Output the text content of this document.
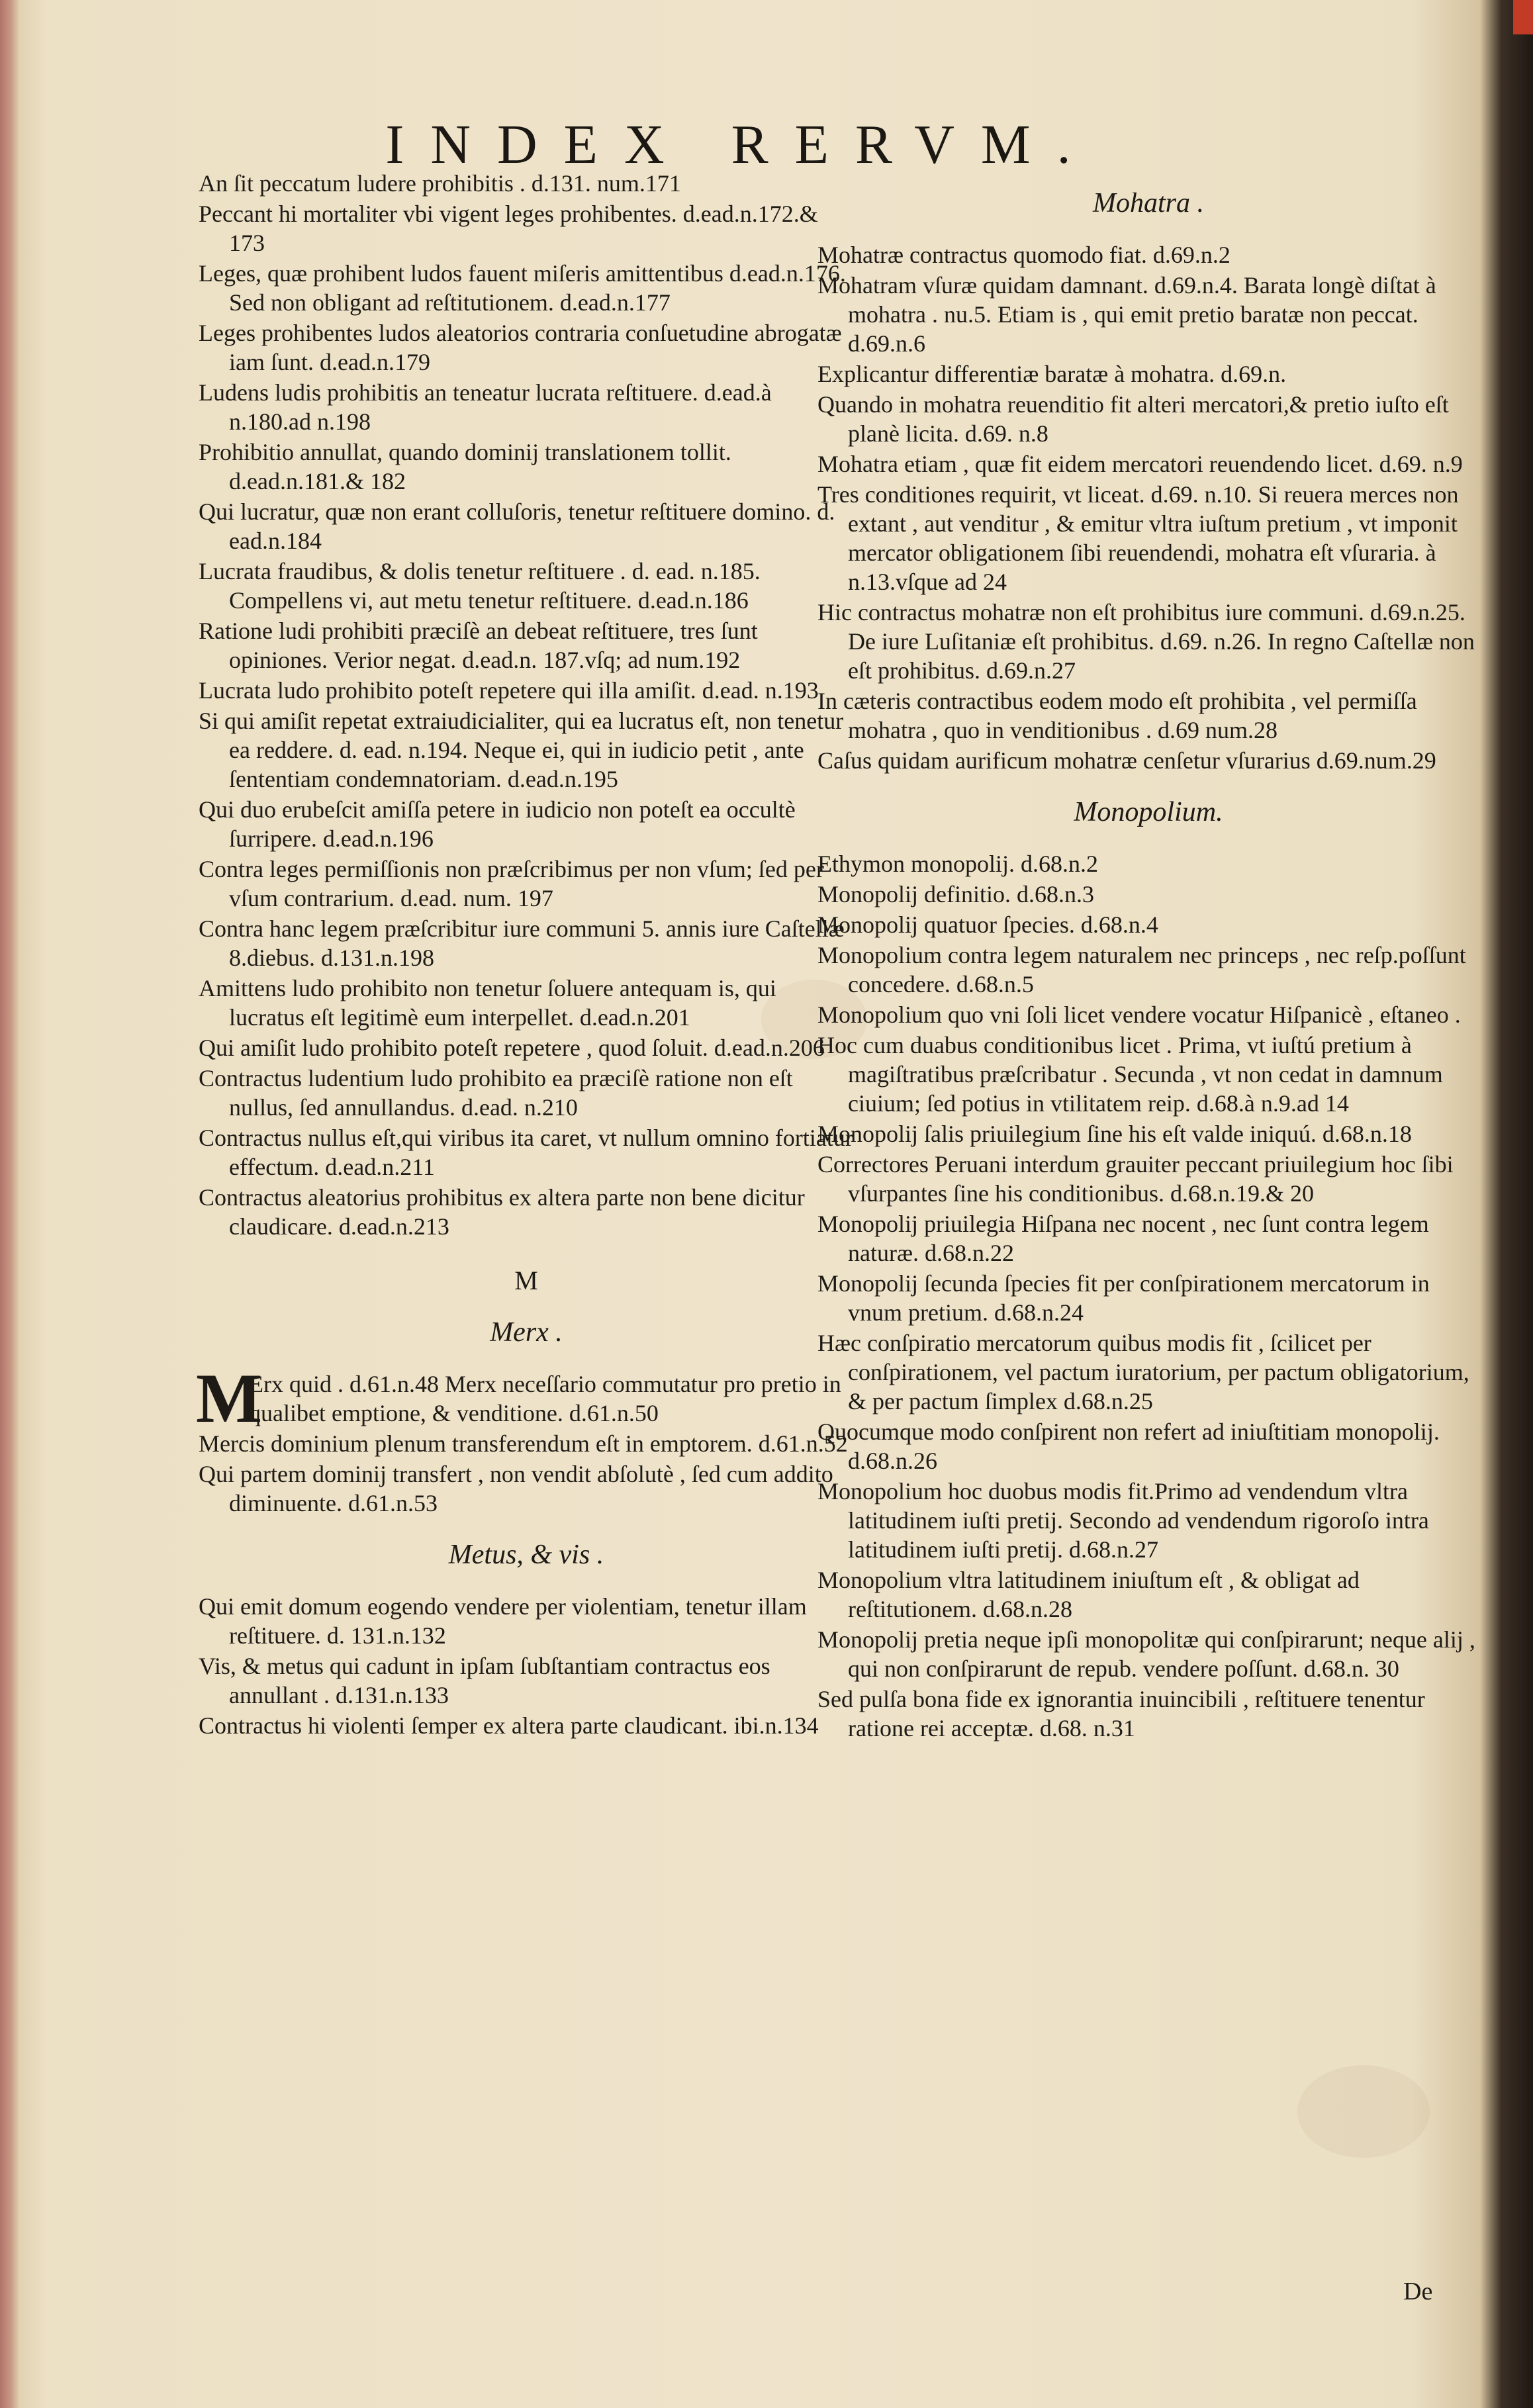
INDEX RERVM.
An ſit peccatum ludere prohibitis . d.131. num.171
Peccant hi mortaliter vbi vigent leges prohibentes. d.ead.n.172.& 173
Leges, quæ prohibent ludos fauent miſeris amittentibus d.ead.n.176. Sed non obligant ad reſtitutionem. d.ead.n.177
Leges prohibentes ludos aleatorios contraria conſuetudine abrogatæ iam ſunt. d.ead.n.179
Ludens ludis prohibitis an teneatur lucrata reſtituere. d.ead.à n.180.ad n.198
Prohibitio annullat, quando dominij translationem tollit. d.ead.n.181.& 182
Qui lucratur, quæ non erant colluſoris, tenetur reſtituere domino. d. ead.n.184
Lucrata fraudibus, & dolis tenetur reſtituere . d. ead. n.185. Compellens vi, aut metu tenetur reſtituere. d.ead.n.186
Ratione ludi prohibiti præciſè an debeat reſtituere, tres ſunt opiniones. Verior negat. d.ead.n. 187.vſq; ad num.192
Lucrata ludo prohibito poteſt repetere qui illa amiſit. d.ead. n.193
Si qui amiſit repetat extraiudicialiter, qui ea lucratus eſt, non tenetur ea reddere. d. ead. n.194. Neque ei, qui in iudicio petit , ante ſententiam condemnatoriam. d.ead.n.195
Qui duo erubeſcit amiſſa petere in iudicio non poteſt ea occultè ſurripere. d.ead.n.196
Contra leges permiſſionis non præſcribimus per non vſum; ſed per vſum contrarium. d.ead. num. 197
Contra hanc legem præſcribitur iure communi 5. annis iure Caſtellæ 8.diebus. d.131.n.198
Amittens ludo prohibito non tenetur ſoluere antequam is, qui lucratus eſt legitimè eum interpellet. d.ead.n.201
Qui amiſit ludo prohibito poteſt repetere , quod ſoluit. d.ead.n.206
Contractus ludentium ludo prohibito ea præciſè ratione non eſt nullus, ſed annullandus. d.ead. n.210
Contractus nullus eſt,qui viribus ita caret, vt nullum omnino fortiatur effectum. d.ead.n.211
Contractus aleatorius prohibitus ex altera parte non bene dicitur claudicare. d.ead.n.213
M
Merx .
M
Erx quid . d.61.n.48 Merx neceſſario commutatur pro pretio in qualibet emptione, & venditione. d.61.n.50
Mercis dominium plenum transferendum eſt in emptorem. d.61.n.52
Qui partem dominij transfert , non vendit abſolutè , ſed cum addito diminuente. d.61.n.53
Metus, & vis .
Qui emit domum eogendo vendere per violentiam, tenetur illam reſtituere. d. 131.n.132
Vis, & metus qui cadunt in ipſam ſubſtantiam contractus eos annullant . d.131.n.133
Contractus hi violenti ſemper ex altera parte claudicant. ibi.n.134
Mohatra .
Mohatræ contractus quomodo fiat. d.69.n.2
Mohatram vſuræ quidam damnant. d.69.n.4. Barata longè diſtat à mohatra . nu.5. Etiam is , qui emit pretio baratæ non peccat. d.69.n.6
Explicantur differentiæ baratæ à mohatra. d.69.n.
Quando in mohatra reuenditio fit alteri mercatori,& pretio iuſto eſt planè licita. d.69. n.8
Mohatra etiam , quæ fit eidem mercatori reuendendo licet. d.69. n.9
Tres conditiones requirit, vt liceat. d.69. n.10. Si reuera merces non extant , aut venditur , & emitur vltra iuſtum pretium , vt imponit mercator obligationem ſibi reuendendi, mohatra eſt vſuraria. à n.13.vſque ad 24
Hic contractus mohatræ non eſt prohibitus iure communi. d.69.n.25. De iure Luſitaniæ eſt prohibitus. d.69. n.26. In regno Caſtellæ non eſt prohibitus. d.69.n.27
In cæteris contractibus eodem modo eſt prohibita , vel permiſſa mohatra , quo in venditionibus . d.69 num.28
Caſus quidam aurificum mohatræ cenſetur vſurarius d.69.num.29
Monopolium.
Ethymon monopolij. d.68.n.2
Monopolij definitio. d.68.n.3
Monopolij quatuor ſpecies. d.68.n.4
Monopolium contra legem naturalem nec princeps , nec reſp.poſſunt concedere. d.68.n.5
Monopolium quo vni ſoli licet vendere vocatur Hiſpanicè , eſtaneo .
Hoc cum duabus conditionibus licet . Prima, vt iuſtú pretium à magiſtratibus præſcribatur . Secunda , vt non cedat in damnum ciuium; ſed potius in vtilitatem reip. d.68.à n.9.ad 14
Monopolij ſalis priuilegium ſine his eſt valde iniquú. d.68.n.18
Correctores Peruani interdum grauiter peccant priuilegium hoc ſibi vſurpantes ſine his conditionibus. d.68.n.19.& 20
Monopolij priuilegia Hiſpana nec nocent , nec ſunt contra legem naturæ. d.68.n.22
Monopolij ſecunda ſpecies fit per conſpirationem mercatorum in vnum pretium. d.68.n.24
Hæc conſpiratio mercatorum quibus modis fit , ſcilicet per conſpirationem, vel pactum iuratorium, per pactum obligatorium, & per pactum ſimplex d.68.n.25
Quocumque modo conſpirent non refert ad iniuſtitiam monopolij. d.68.n.26
Monopolium hoc duobus modis fit.Primo ad vendendum vltra latitudinem iuſti pretij. Secondo ad vendendum rigoroſo intra latitudinem iuſti pretij. d.68.n.27
Monopolium vltra latitudinem iniuſtum eſt , & obligat ad reſtitutionem. d.68.n.28
Monopolij pretia neque ipſi monopolitæ qui conſpirarunt; neque alij , qui non conſpirarunt de repub. vendere poſſunt. d.68.n. 30
Sed pulſa bona fide ex ignorantia inuincibili , reſtituere tenentur ratione rei acceptæ. d.68. n.31
De
